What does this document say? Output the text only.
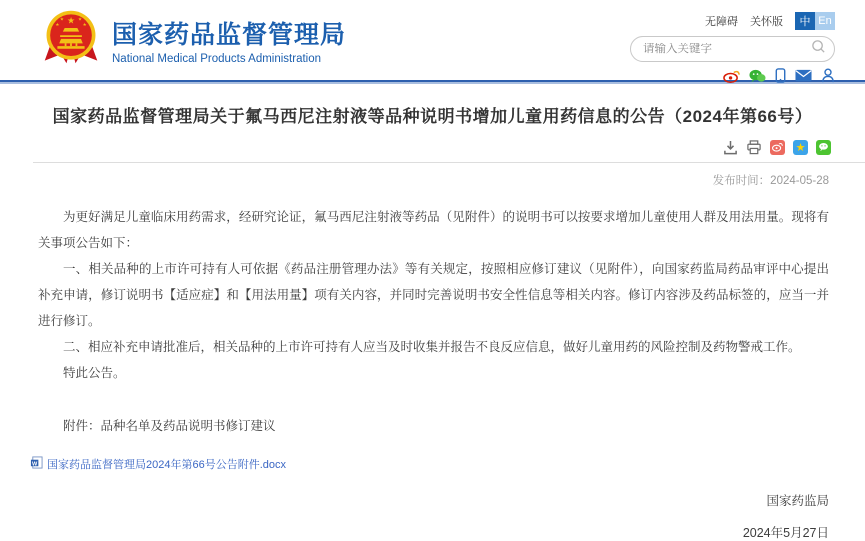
★
★	★
★	★ 国家药品监督管理局
National Medical Products Administration
无障碍 关怀版	中 En
请输入关键字
国家药品监督管理局关于氟马西尼注射液等品种说明书增加儿童用药信息的公告（2024年第66号）
★
发布时间：2024-05-28

为更好满足儿童临床用药需求，经研究论证，氟马西尼注射液等药品（见附件）的说明书可以按要求增加儿童使用人群及用法用量。现将有关事项公告如下：

一、相关品种的上市许可持有人可依据《药品注册管理办法》等有关规定，按照相应修订建议（见附件），向国家药监局药品审评中心提出补充申请，修订说明书【适应症】和【用法用量】项有关内容，并同时完善说明书安全性信息等相关内容。修订内容涉及药品标签的，应当一并进行修订。

二、相应补充申请批准后，相关品种的上市许可持有人应当及时收集并报告不良反应信息，做好儿童用药的风险控制及药物警戒工作。

特此公告。

附件：品种名单及药品说明书修订建议

国家药监局
2024年5月27日
W 国家药品监督管理局2024年第66号公告附件.docx
